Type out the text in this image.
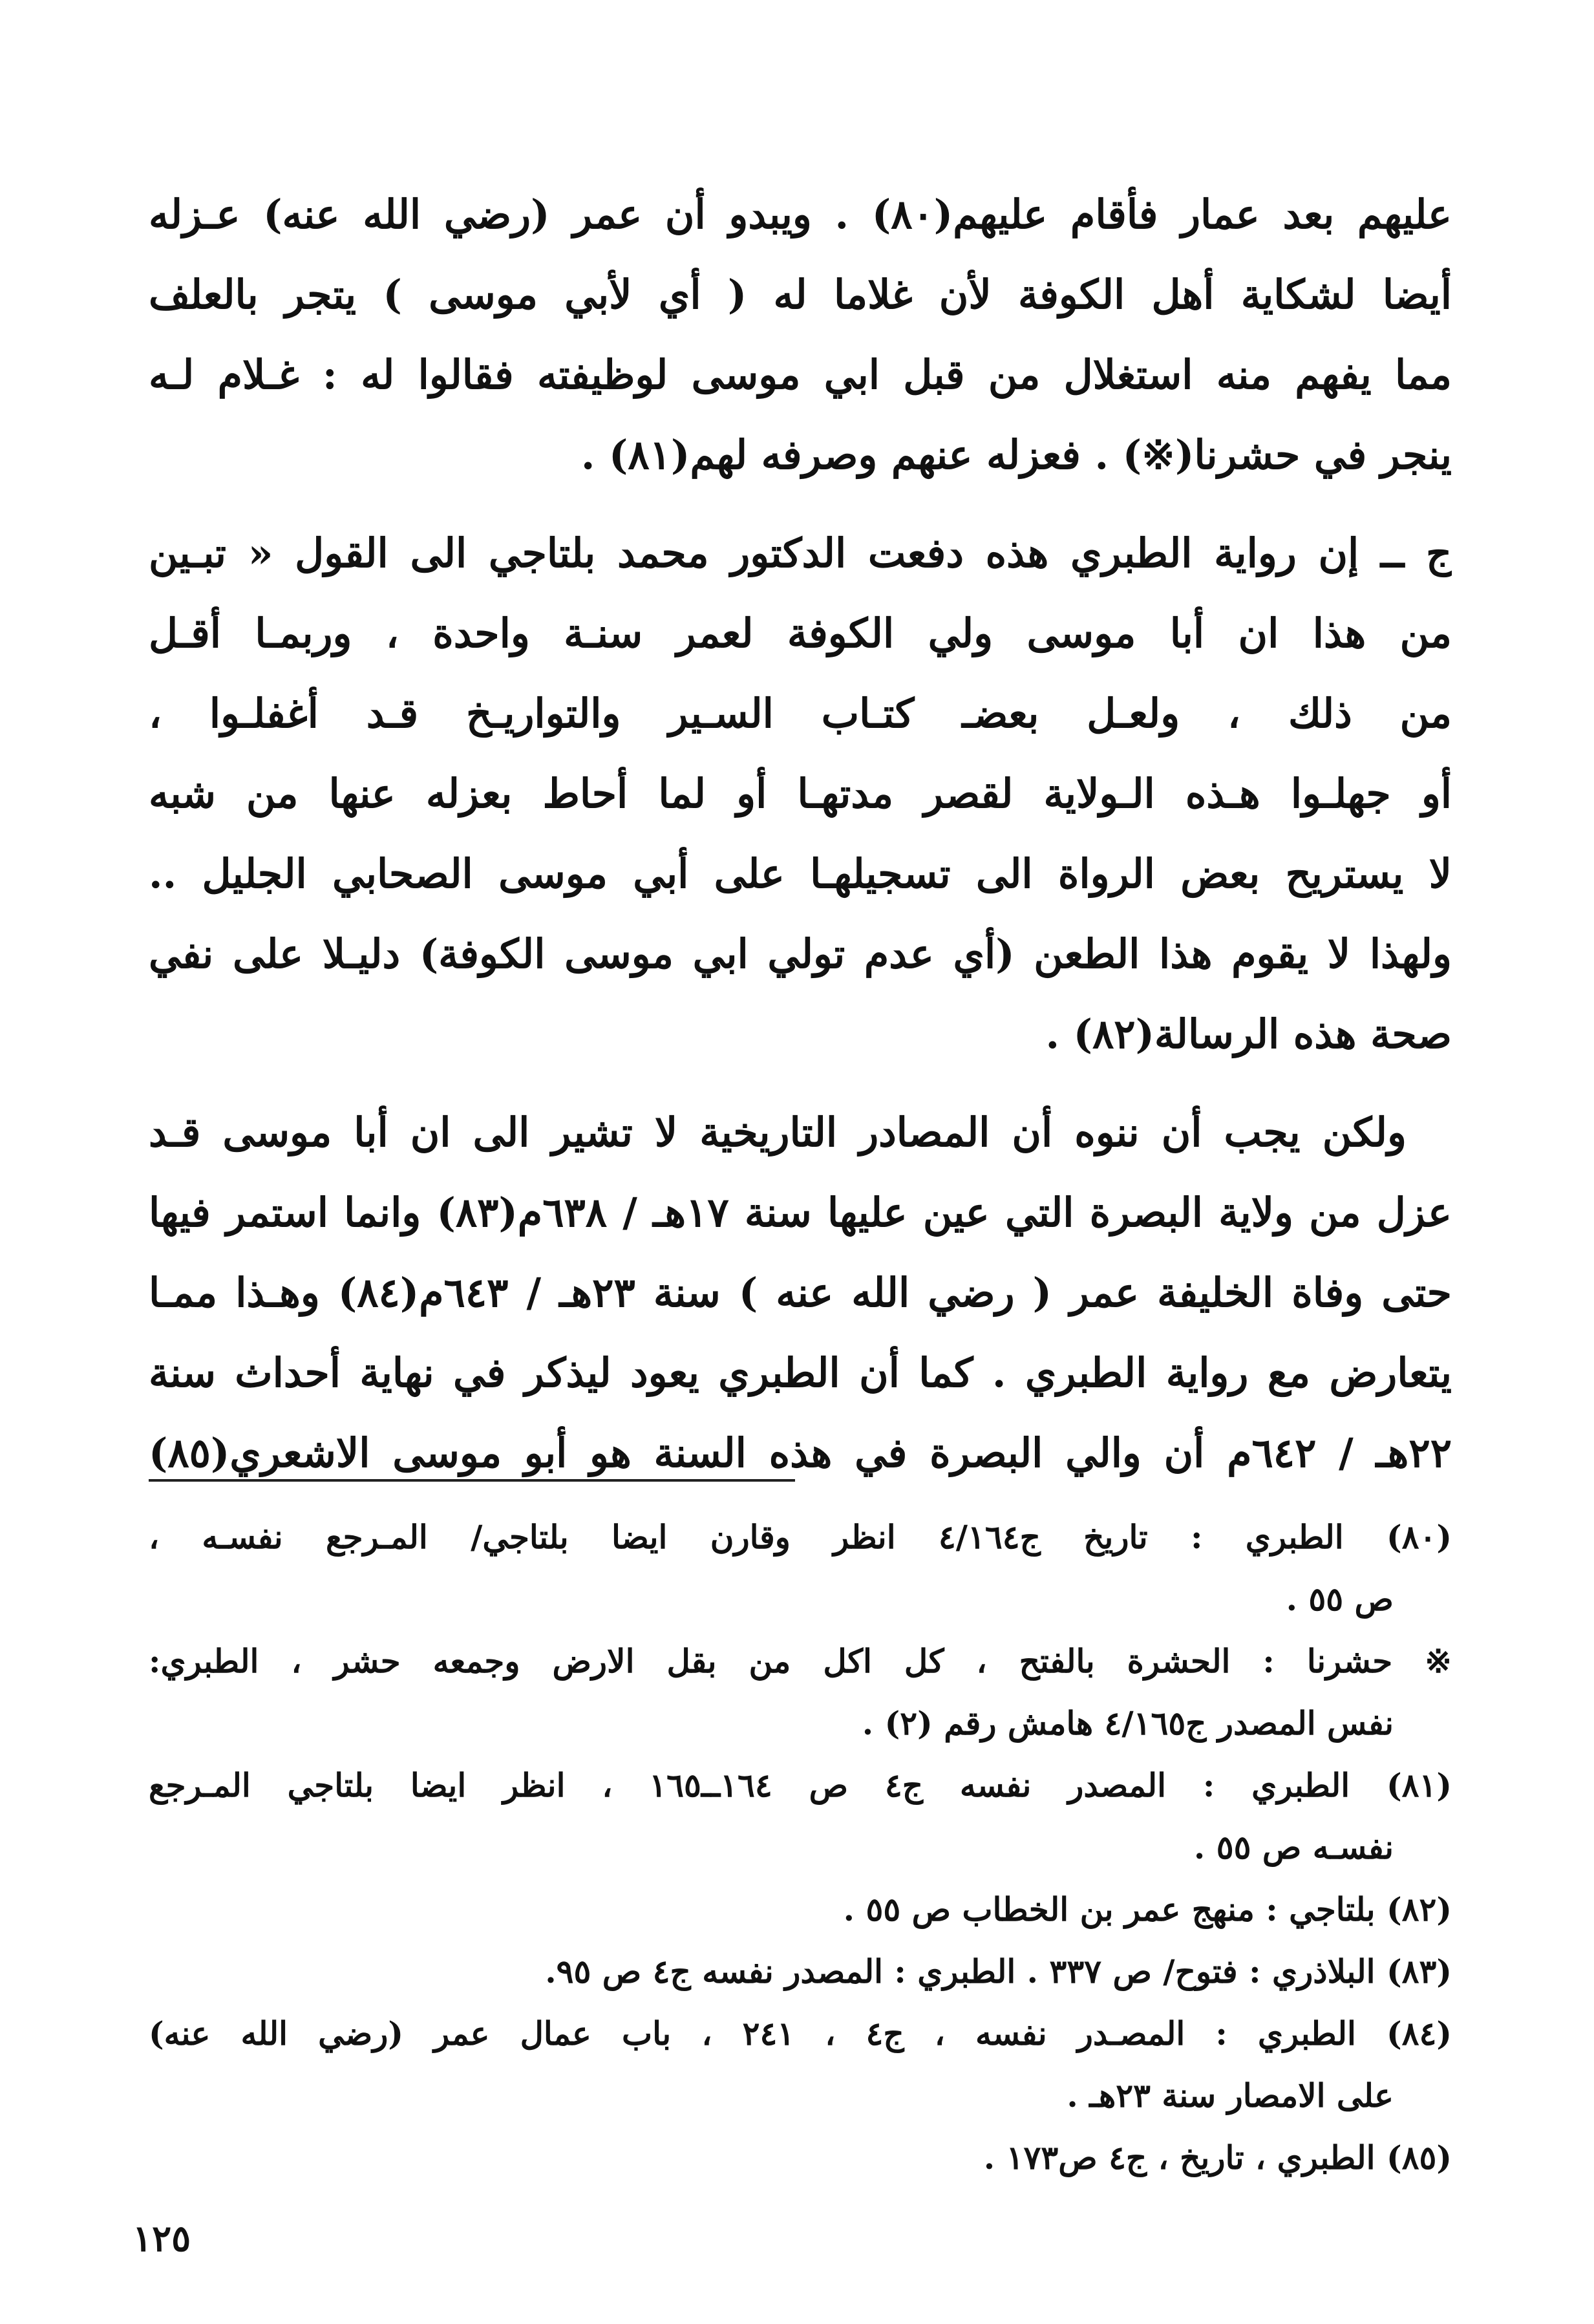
عليهم بعد عمار فأقام عليهم(٨٠) . ويبدو أن عمر (رضي الله عنه) عـزله
أيضا لشكاية أهل الكوفة لأن غلاما له ( أي لأبي موسى ) يتجر بالعلف
مما يفهم منه استغلال من قبل ابي موسى لوظيفته فقالوا له : غـلام لـه
ينجر في حشرنا(※) . فعزله عنهم وصرفه لهم(٨١) .
ج ــ إن رواية الطبري هذه دفعت الدكتور محمد بلتاجي الى القول « تبـين
من هذا ان أبا موسى ولي الكوفة لعمر سنـة واحدة ، وربمـا أقـل
من ذلك ، ولعـل بعضـ كتـاب السـير والتواريـخ قـد أغفلـوا ،
أو جهلـوا هـذه الـولاية لقصر مدتهـا أو لما أحاط بعزله عنها من شبه
لا يستريح بعض الرواة الى تسجيلهـا على أبي موسى الصحابي الجليل ..
ولهذا لا يقوم هذا الطعن (أي عدم تولي ابي موسى الكوفة) دليـلا على نفي
صحة هذه الرسالة(٨٢) .
ولكن يجب أن ننوه أن المصادر التاريخية لا تشير الى ان أبا موسى قـد
عزل من ولاية البصرة التي عين عليها سنة ١٧هـ / ٦٣٨م(٨٣) وانما استمر فيها
حتى وفاة الخليفة عمر ( رضي الله عنه ) سنة ٢٣هـ / ٦٤٣م(٨٤) وهـذا ممـا
يتعارض مع رواية الطبري . كما أن الطبري يعود ليذكر في نهاية أحداث سنة
٢٢هـ / ٦٤٢م أن والي البصرة في هذه السنة هو أبو موسى الاشعري(٨٥)
(٨٠) الطبري : تاريخ ج٤/١٦٤ انظر وقارن ايضا بلتاجي/ المـرجع نفسـه ،
ص ٥٥ .
※ حشرنا : الحشرة بالفتح ، كل اكل من بقل الارض وجمعه حشر ، الطبري:
نفس المصدر ج٤/١٦٥ هامش رقم (٢) .
(٨١) الطبري : المصدر نفسه ج٤ ص ١٦٤ــ١٦٥ ، انظر ايضا بلتاجي المـرجع
نفسـه ص ٥٥ .
(٨٢) بلتاجي : منهج عمر بن الخطاب ص ٥٥ .
(٨٣) البلاذري : فتوح/ ص ٣٣٧ . الطبري : المصدر نفسه ج٤ ص ٩٥.
(٨٤) الطبري : المصـدر نفسه ، ج٤ ، ٢٤١ ، باب عمال عمر (رضي الله عنه)
على الامصار سنة ٢٣هـ .
(٨٥) الطبري ، تاريخ ، ج٤ ص١٧٣ .
١٢٥
